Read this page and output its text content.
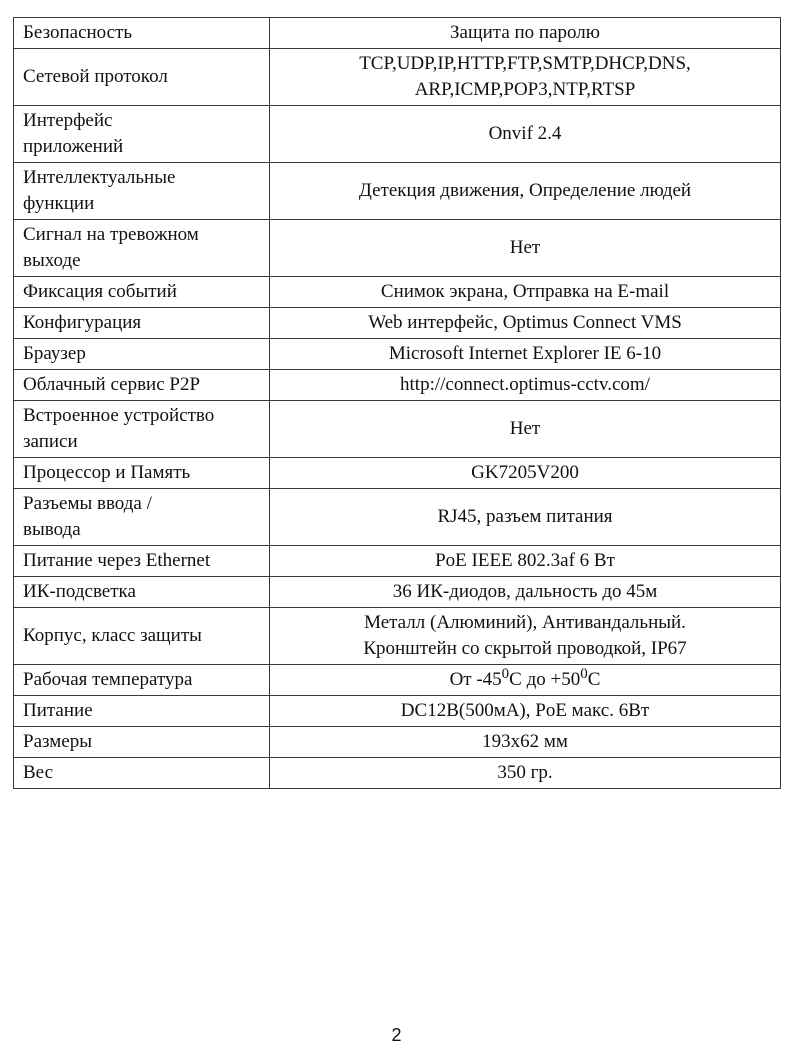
Безопасность	Защита по паролю

Сетевой протокол	TCP,UDP,IP,HTTP,FTP,SMTP,DHCP,DNS,
ARP,ICMP,POP3,NTP,RTSP

Интерфейс
приложений	Onvif 2.4

Интеллектуальные
функции	Детекция движения, Определение людей

Сигнал на тревожном
выходе	Нет

Фиксация событий	Снимок экрана, Отправка на E-mail

Конфигурация	Web интерфейс, Optimus Connect VMS

Браузер	Microsoft Internet Explorer IE 6-10

Облачный сервис P2P	http://connect.optimus-cctv.com/

Встроенное устройство
записи	Нет

Процессор и Память	GK7205V200

Разъемы ввода /
вывода	RJ45, разъем питания

Питание через Ethernet	PoE IEEE 802.3af 6 Вт

ИК-подсветка	36 ИК-диодов, дальность до 45м

Корпус, класс защиты	Металл (Алюминий), Антивандальный.
Кронштейн со скрытой проводкой, IP67

Рабочая температура	От $-45^0С$ до $+50^0С$

Питание	DC12В(500мА), PoE макс. 6Вт

Размеры	193x62 мм

Вес	350 гр.
2
